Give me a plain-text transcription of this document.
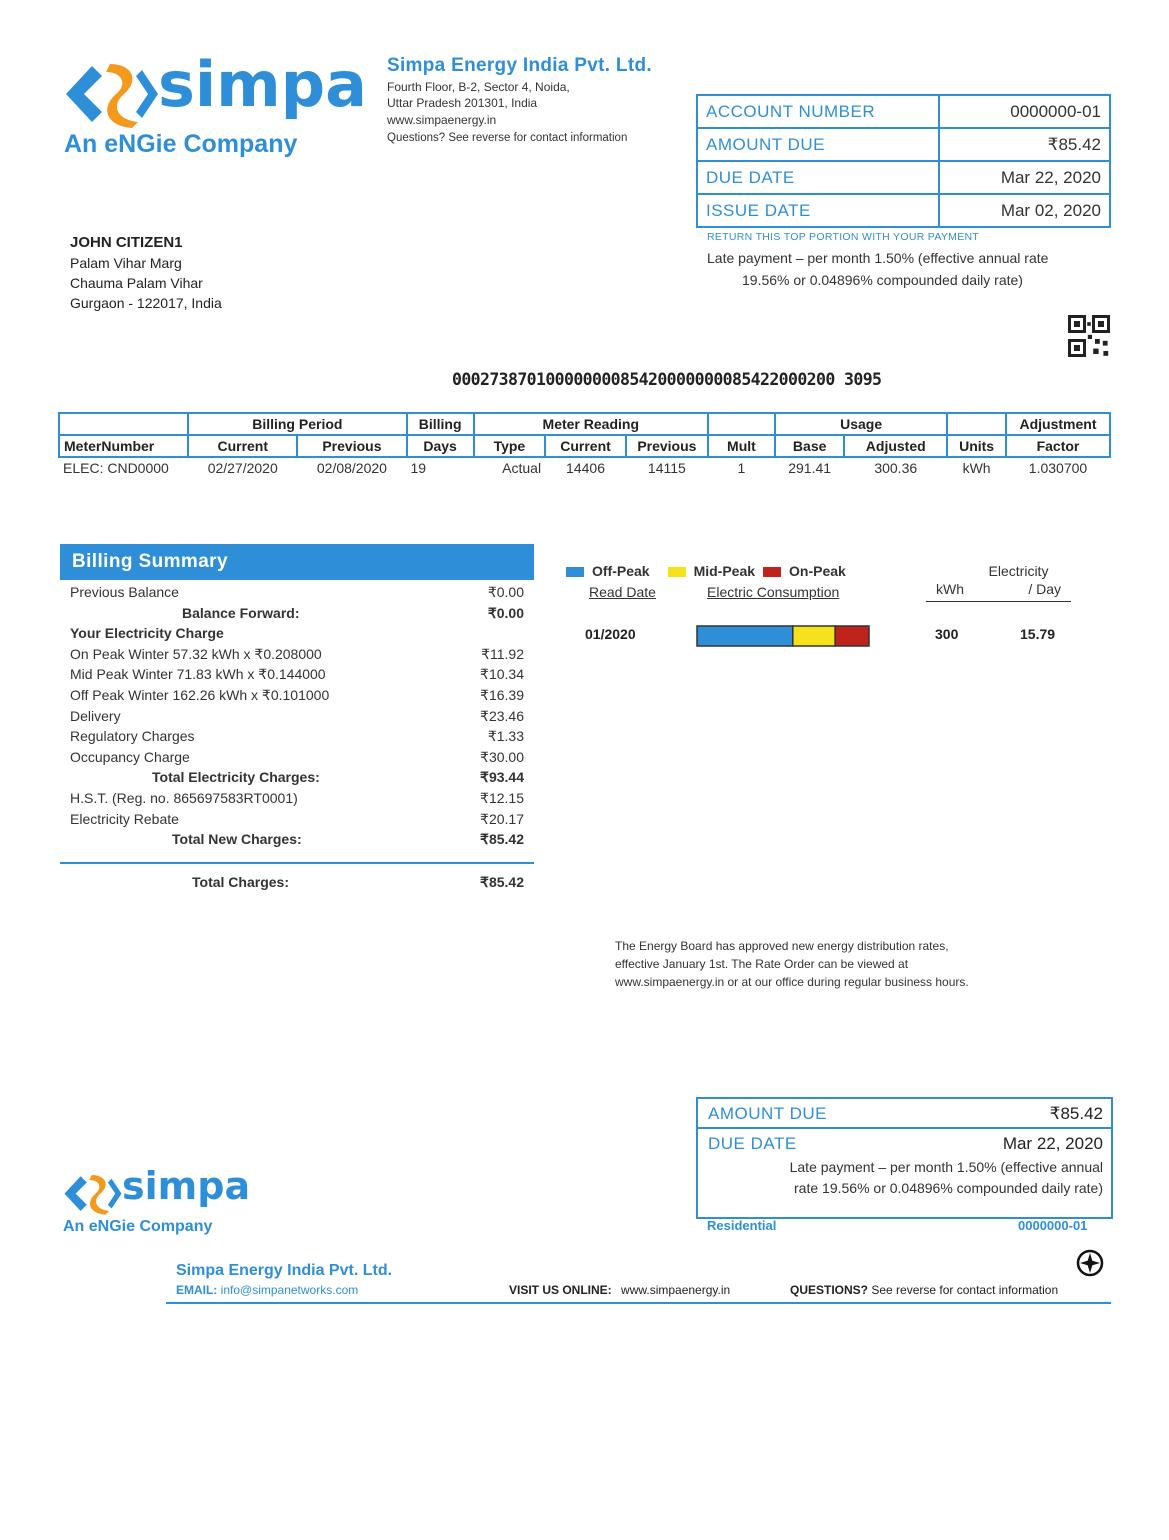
simpa
An eNGie Company
Simpa Energy India Pvt. Ltd.
Fourth Floor, B-2, Sector 4, Noida,
Uttar Pradesh 201301, India
www.simpaenergy.in
Questions? See reverse for contact information
ACCOUNT NUMBER	0000000-01
AMOUNT DUE	₹85.42
DUE DATE	Mar 22, 2020
ISSUE DATE	Mar 02, 2020
RETURN THIS TOP PORTION WITH YOUR PAYMENT
Late payment – per month 1.50% (effective annual rate
19.56% or 0.04896% compounded daily rate)
JOHN CITIZEN1
Palam Vihar Marg
Chauma Palam Vihar
Gurgaon - 122017, India
00027387010000000085420000000085422000200 3095
	Billing Period		Billing	Meter Reading				Usage			Adjustment
MeterNumber	Current	Previous	Days	Type	Current	Previous	Mult	Base	Adjusted	Units	Factor
ELEC: CND0000	02/27/2020	02/08/2020	19	Actual	14406	14115	1	291.41	300.36	kWh	1.030700
Billing Summary
Previous Balance	₹0.00
Balance Forward:	₹0.00
Your Electricity Charge
On Peak Winter 57.32 kWh x ₹0.208000	₹11.92
Mid Peak Winter 71.83 kWh x ₹0.144000	₹10.34
Off Peak Winter 162.26 kWh x ₹0.101000	₹16.39
Delivery	₹23.46
Regulatory Charges	₹1.33
Occupancy Charge	₹30.00
Total Electricity Charges:	₹93.44
H.S.T. (Reg. no. 865697583RT0001)	₹12.15
Electricity Rebate	₹20.17
Total New Charges:	₹85.42
Total Charges:	₹85.42
Off-Peak	Mid-Peak On-Peak
Read Date	Electric Consumption
Electricity
kWh	/ Day
01/2020	300	15.79
The Energy Board has approved new energy distribution rates,
effective January 1st. The Rate Order can be viewed at
www.simpaenergy.in or at our office during regular business hours.
AMOUNT DUE	₹85.42
DUE DATE	Mar 22, 2020
Late payment – per month 1.50% (effective annual
rate 19.56% or 0.04896% compounded daily rate)
Residential	0000000-01
simpa
An eNGie Company
Simpa Energy India Pvt. Ltd.
EMAIL: info@simpanetworks.com	VISIT US ONLINE: www.simpaenergy.in	QUESTIONS? See reverse for contact information
